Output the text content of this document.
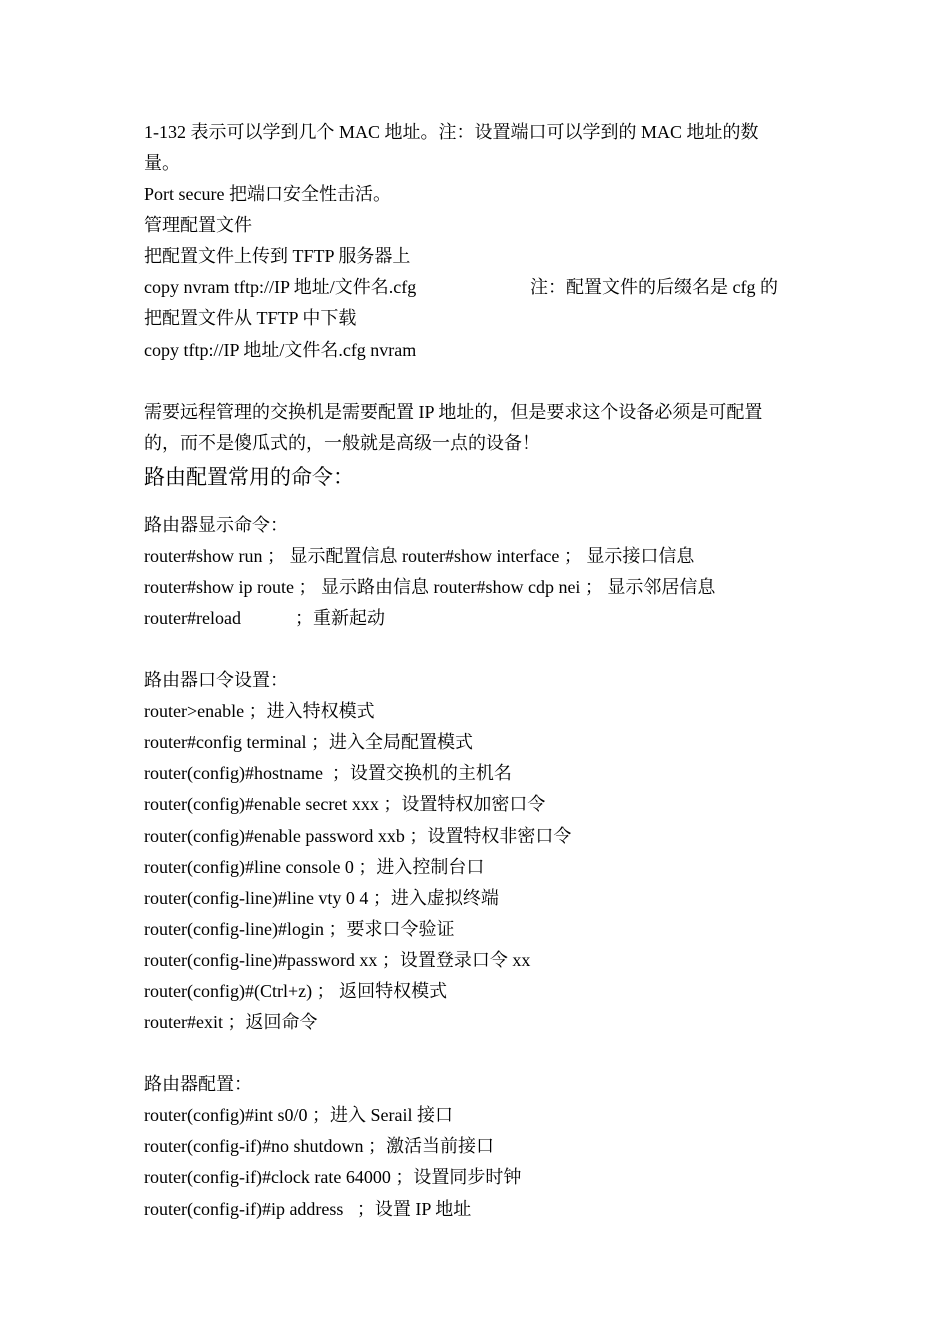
1-132 表示可以学到几个 MAC 地址。注：设置端口可以学到的 MAC 地址的数
量。
Port secure 把端口安全性击活。
管理配置文件
把配置文件上传到 TFTP 服务器上
copy nvram tftp://IP 地址/文件名.cfg	注：配置文件的后缀名是 cfg 的
把配置文件从 TFTP 中下载
copy tftp://IP 地址/文件名.cfg nvram
需要远程管理的交换机是需要配置 IP 地址的，但是要求这个设备必须是可配置
的，而不是傻瓜式的，一般就是高级一点的设备！
路由配置常用的命令：
路由器显示命令：
router#show run ； 显示配置信息 router#show interface ； 显示接口信息
router#show ip route ； 显示路由信息 router#show cdp nei ； 显示邻居信息
router#reload            ；重新起动
路由器口令设置：
router>enable ；进入特权模式
router#config terminal ；进入全局配置模式
router(config)#hostname  ；设置交换机的主机名
router(config)#enable secret xxx ；设置特权加密口令
router(config)#enable password xxb ；设置特权非密口令
router(config)#line console 0 ；进入控制台口
router(config-line)#line vty 0 4 ；进入虚拟终端
router(config-line)#login ；要求口令验证
router(config-line)#password xx ；设置登录口令 xx
router(config)#(Ctrl+z) ； 返回特权模式
router#exit ；返回命令
路由器配置：
router(config)#int s0/0 ；进入 Serail 接口
router(config-if)#no shutdown ；激活当前接口
router(config-if)#clock rate 64000 ；设置同步时钟
router(config-if)#ip address   ；设置 IP 地址
